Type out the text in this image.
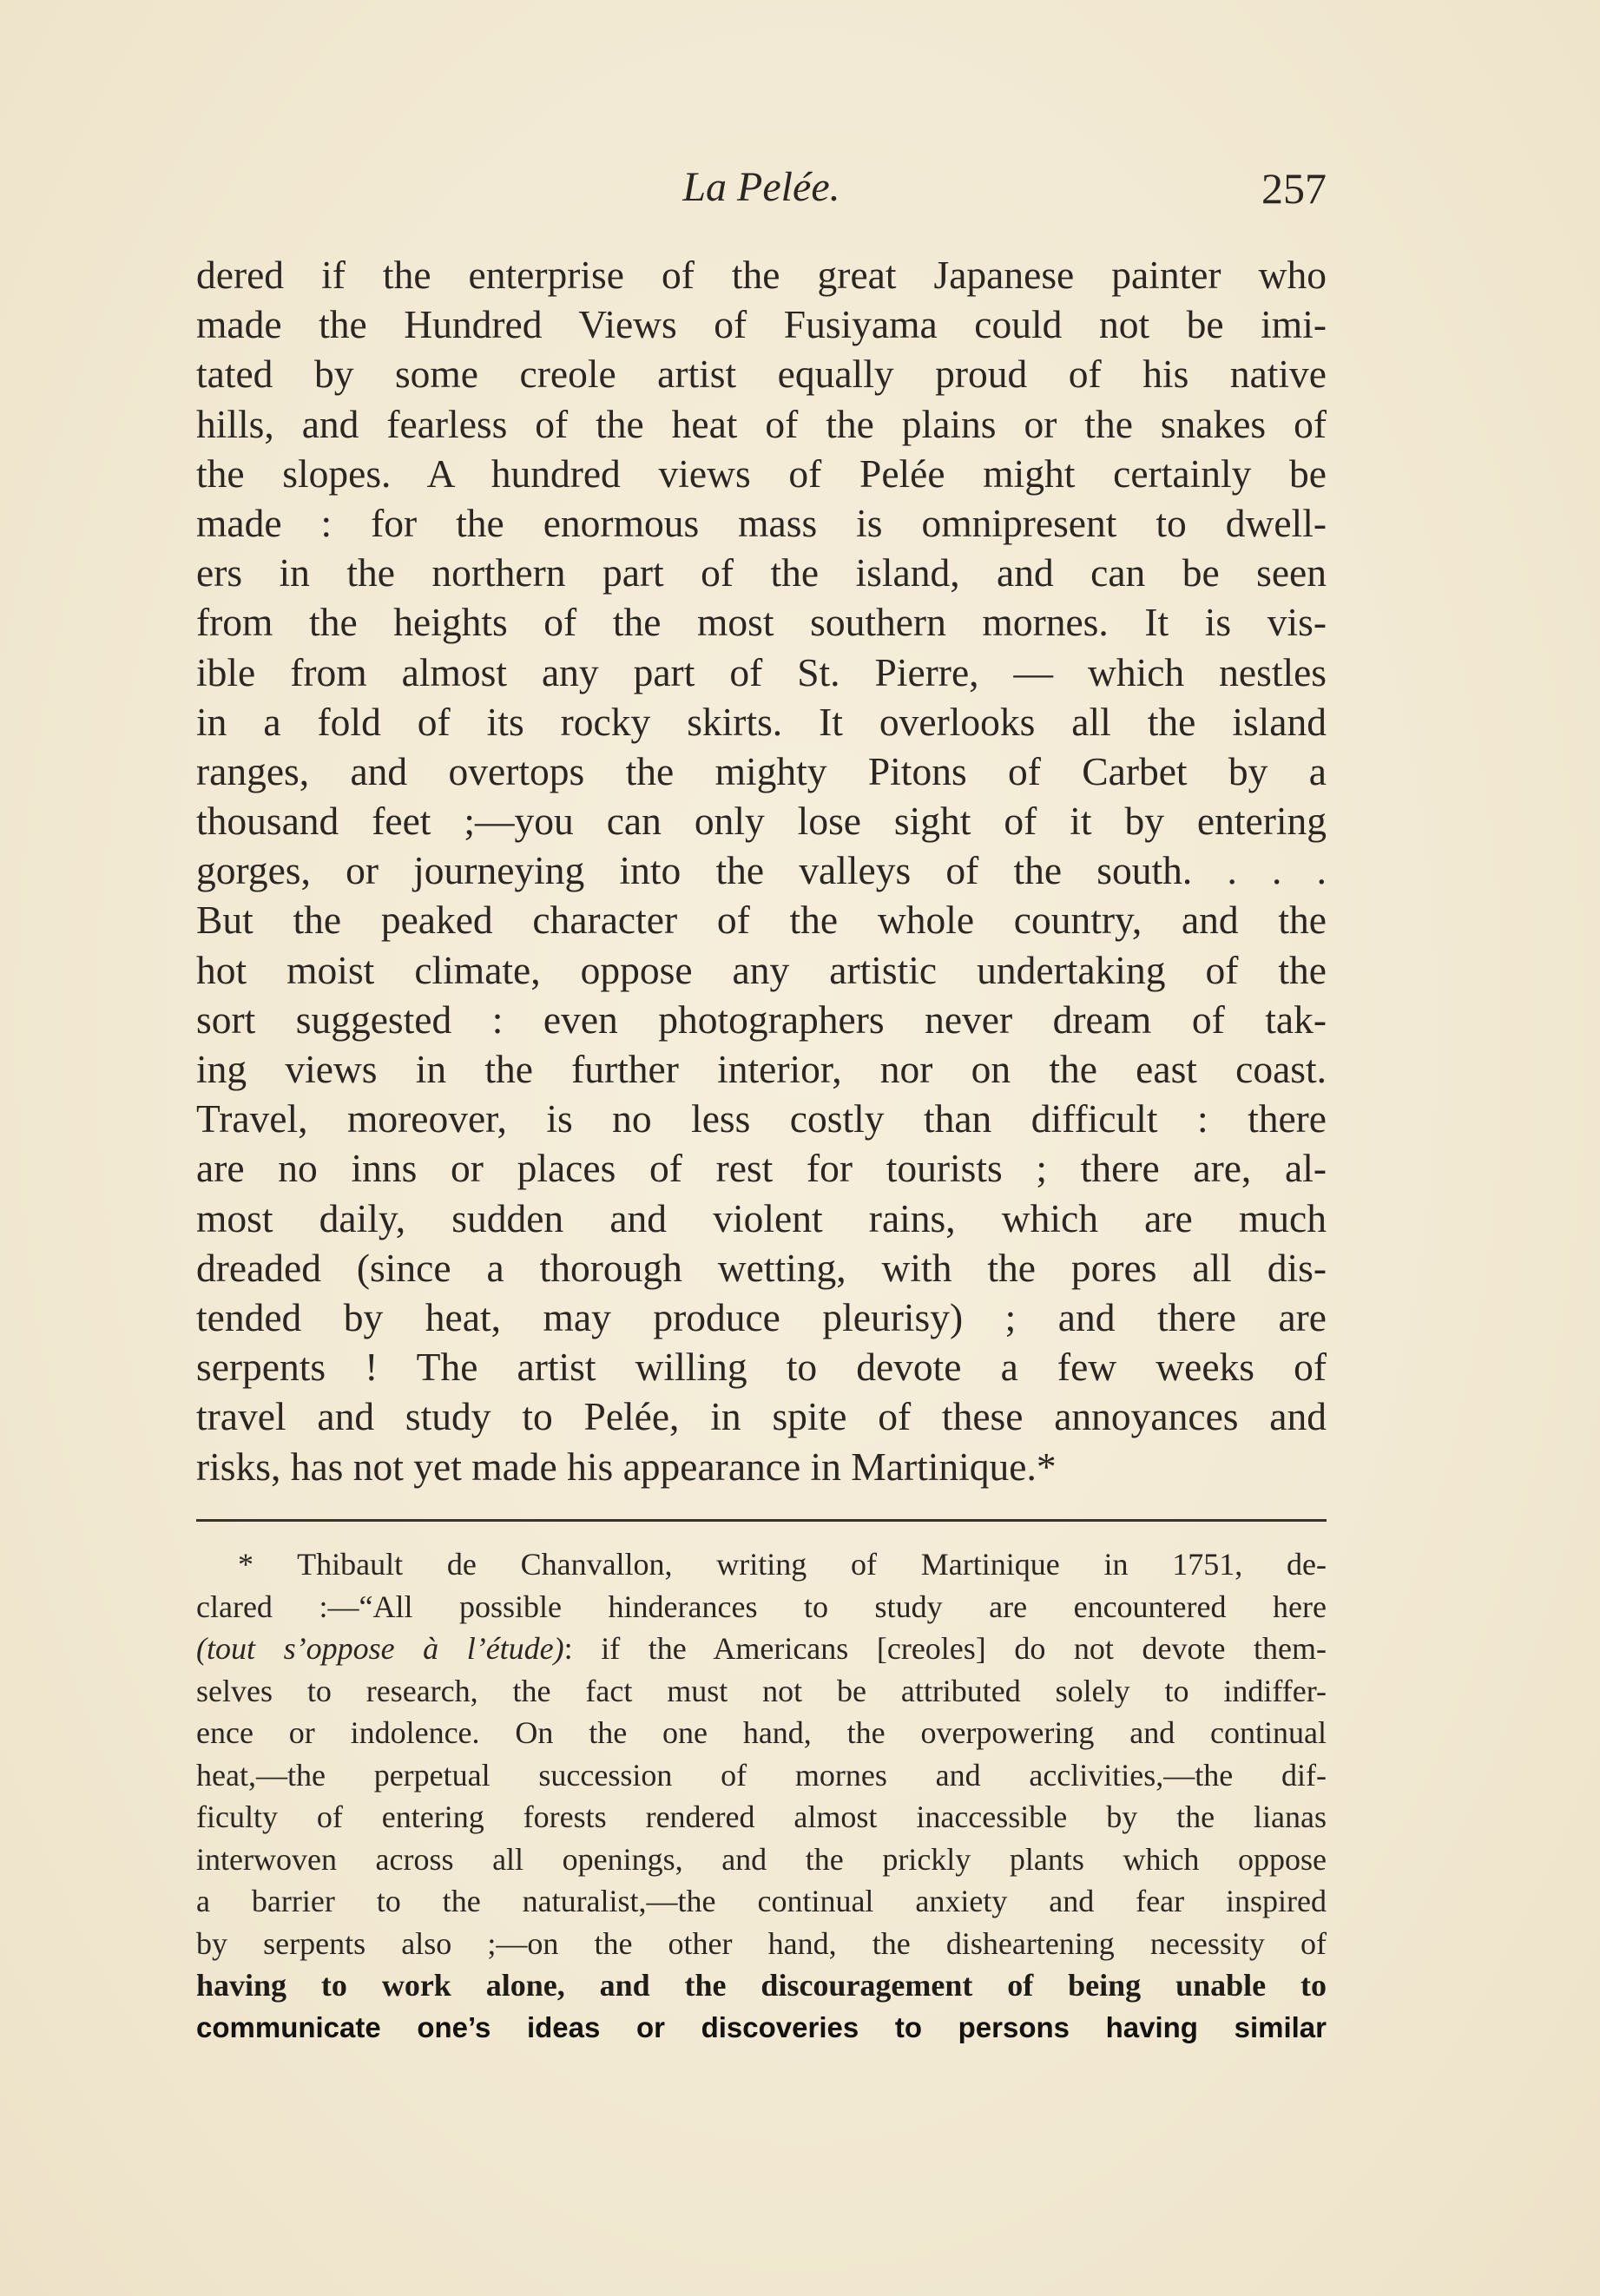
La Pelée.	257
dered if the enterprise of the great Japanese painter who
made the Hundred Views of Fusiyama could not be imi-
tated by some creole artist equally proud of his native
hills, and fearless of the heat of the plains or the snakes of
the slopes. A hundred views of Pelée might certainly be
made : for the enormous mass is omnipresent to dwell-
ers in the northern part of the island, and can be seen
from the heights of the most southern mornes. It is vis-
ible from almost any part of St. Pierre, — which nestles
in a fold of its rocky skirts. It overlooks all the island
ranges, and overtops the mighty Pitons of Carbet by a
thousand feet ;—you can only lose sight of it by entering
gorges, or journeying into the valleys of the south. . . .
But the peaked character of the whole country, and the
hot moist climate, oppose any artistic undertaking of the
sort suggested : even photographers never dream of tak-
ing views in the further interior, nor on the east coast.
Travel, moreover, is no less costly than difficult : there
are no inns or places of rest for tourists ; there are, al-
most daily, sudden and violent rains, which are much
dreaded (since a thorough wetting, with the pores all dis-
tended by heat, may produce pleurisy) ; and there are
serpents ! The artist willing to devote a few weeks of
travel and study to Pelée, in spite of these annoyances and
risks, has not yet made his appearance in Martinique.*
* Thibault de Chanvallon, writing of Martinique in 1751, de-
clared :—“All possible hinderances to study are encountered here
(tout s’oppose à l’étude): if the Americans [creoles] do not devote them-
selves to research, the fact must not be attributed solely to indiffer-
ence or indolence. On the one hand, the overpowering and continual
heat,—the perpetual succession of mornes and acclivities,—the dif-
ficulty of entering forests rendered almost inaccessible by the lianas
interwoven across all openings, and the prickly plants which oppose
a barrier to the naturalist,—the continual anxiety and fear inspired
by serpents also ;—on the other hand, the disheartening necessity of
having to work alone, and the discouragement of being unable to
communicate one’s ideas or discoveries to persons having similar
